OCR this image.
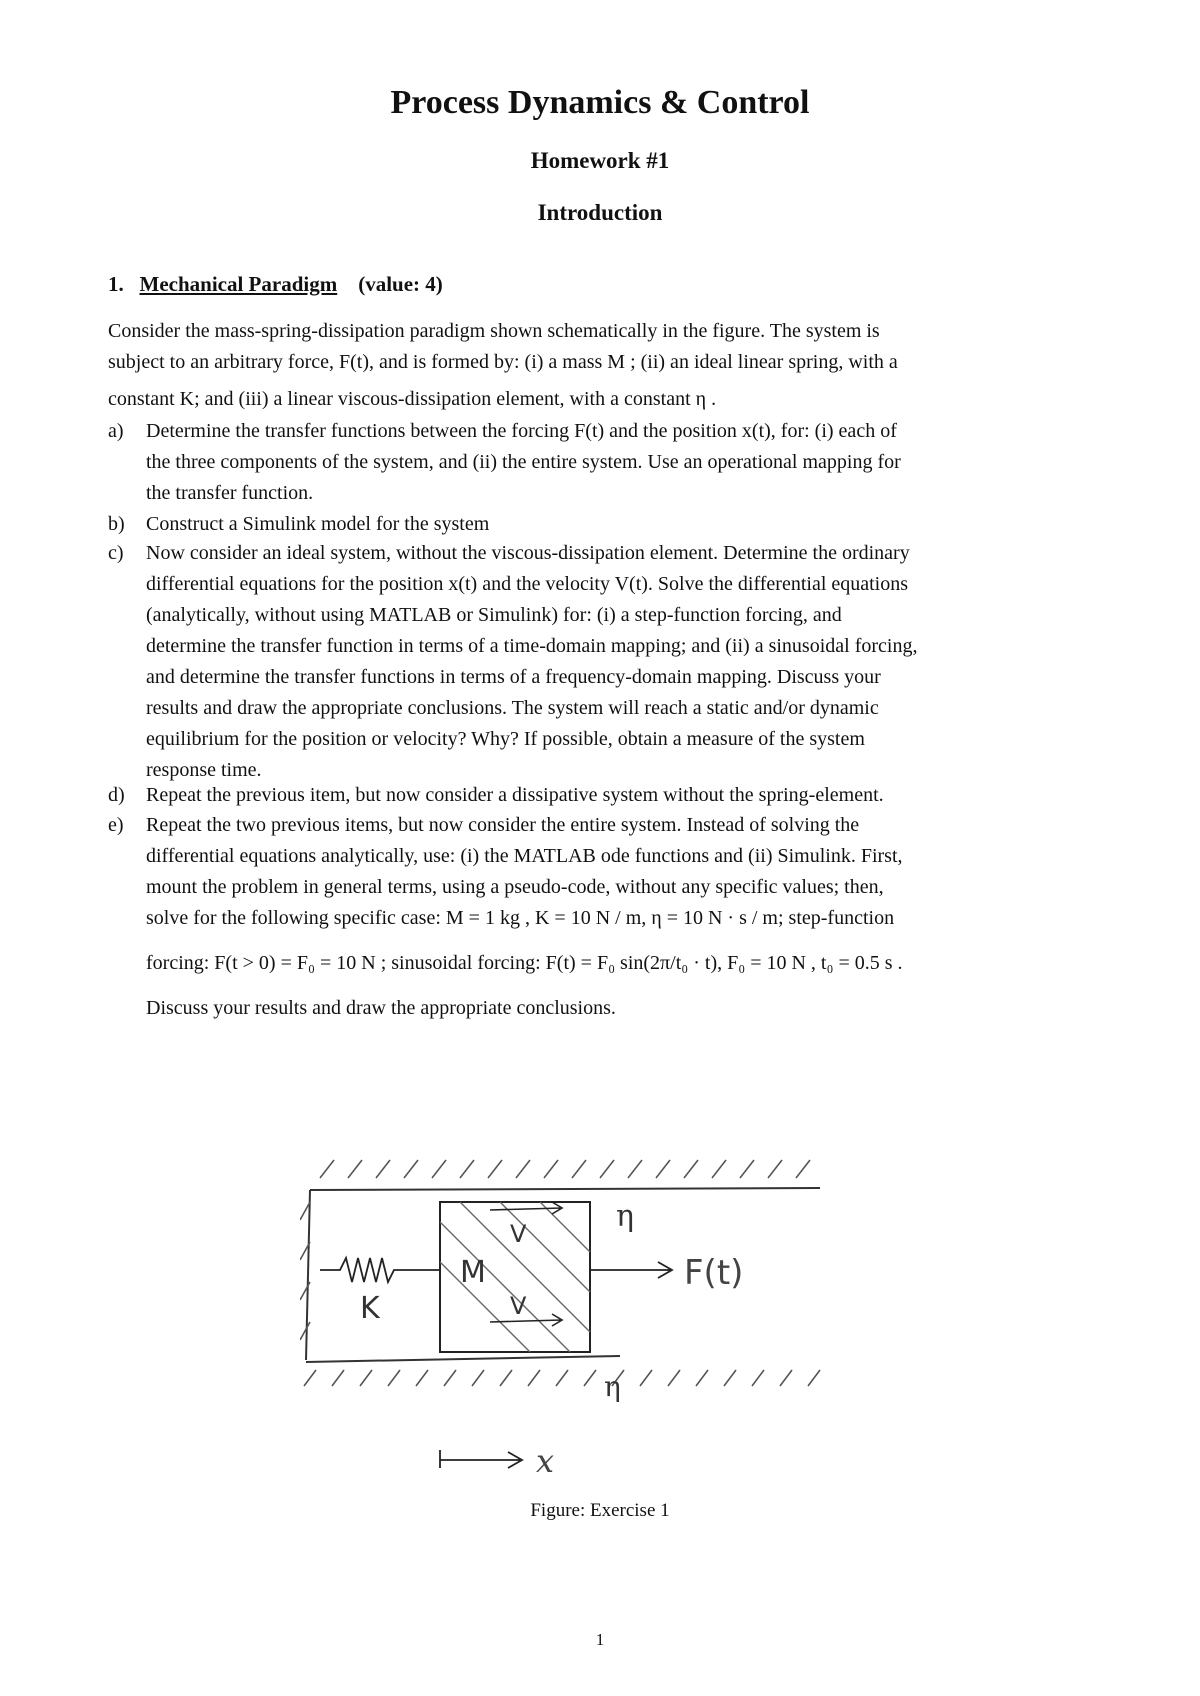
Process Dynamics & Control
Homework #1
Introduction
1. Mechanical Paradigm (value: 4)
Consider the mass-spring-dissipation paradigm shown schematically in the figure. The system is
subject to an arbitrary force, F(t), and is formed by: (i) a mass M ; (ii) an ideal linear spring, with a
constant K; and (iii) a linear viscous-dissipation element, with a constant η .
a) Determine the transfer functions between the forcing F(t) and the position x(t), for: (i) each of
the three components of the system, and (ii) the entire system. Use an operational mapping for
the transfer function.
b) Construct a Simulink model for the system
c) Now consider an ideal system, without the viscous-dissipation element. Determine the ordinary
differential equations for the position x(t) and the velocity V(t). Solve the differential equations
(analytically, without using MATLAB or Simulink) for: (i) a step-function forcing, and
determine the transfer function in terms of a time-domain mapping; and (ii) a sinusoidal forcing,
and determine the transfer functions in terms of a frequency-domain mapping. Discuss your
results and draw the appropriate conclusions. The system will reach a static and/or dynamic
equilibrium for the position or velocity? Why? If possible, obtain a measure of the system
response time.
d) Repeat the previous item, but now consider a dissipative system without the spring-element.
e) Repeat the two previous items, but now consider the entire system. Instead of solving the
differential equations analytically, use: (i) the MATLAB ode functions and (ii) Simulink. First,
mount the problem in general terms, using a pseudo-code, without any specific values; then,
solve for the following specific case: M = 1 kg , K = 10 N / m, η = 10 N · s / m; step-function
forcing: F(t > 0) = F₀ = 10 N ; sinusoidal forcing: F(t) = F₀ sin(2π/t₀ · t), F₀ = 10 N , t₀ = 0.5 s .
Discuss your results and draw the appropriate conclusions.
M
K
V
V
η
η
F(t)
x
Figure: Exercise 1
1
